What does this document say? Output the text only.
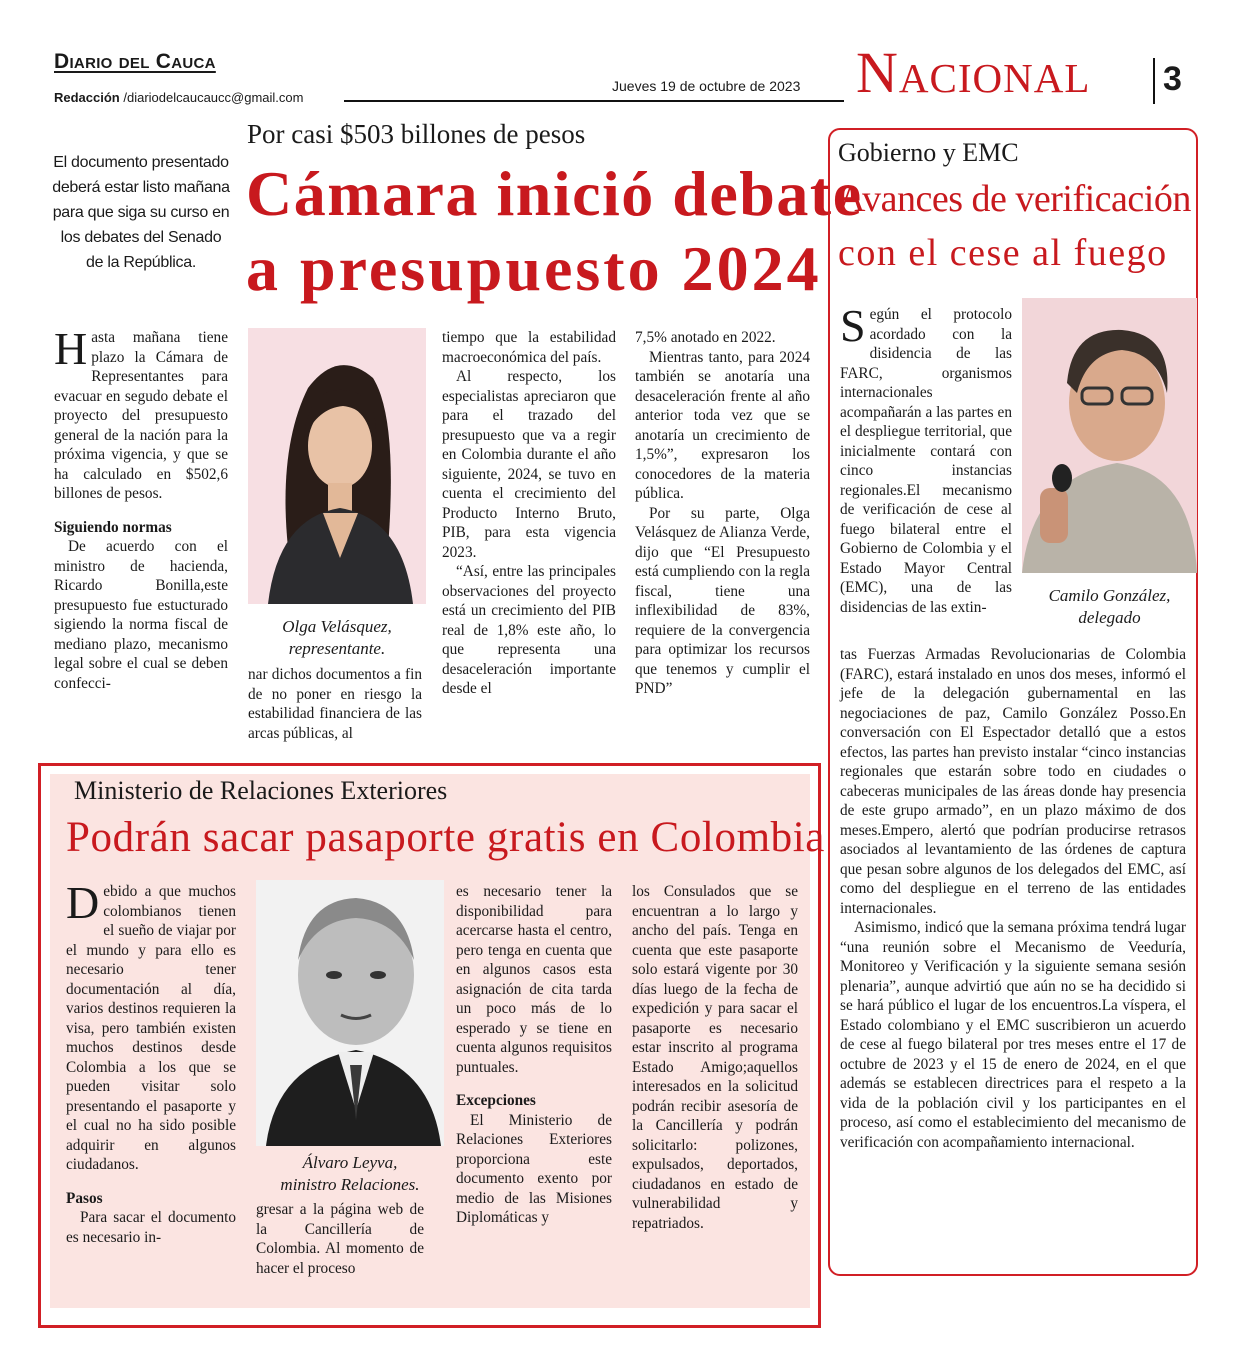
Diario del Cauca
Redacción /diariodelcaucaucc@gmail.com
Jueves 19 de octubre de 2023 Nacional 3
Por casi $503 billones de pesos
Cámara inició debate
a presupuesto 2024
El documento presentado deberá estar listo mañana para que siga su curso en los debates del Senado de la República.

Hasta mañana tiene plazo la Cámara de Representantes para evacuar en segudo debate el proyecto del presupuesto general de la nación para la próxima vigencia, y que se ha calculado en $502,6 billones de pesos.

Siguiendo normas

De acuerdo con el ministro de hacienda, Ricardo Bonilla,este presupuesto fue estucturado sigiendo la norma fiscal de mediano plazo, mecanismo legal sobre el cual se deben confecci-

Olga Velásquez,
representante.

nar dichos documentos a fin de no poner en riesgo la estabilidad financiera de las arcas públicas, al

tiempo que la estabilidad macroeconómica del país.

Al respecto, los especialistas apreciaron que para el trazado del presupuesto que va a regir en Colombia durante el año siguiente, 2024, se tuvo en cuenta el crecimiento del Producto Interno Bruto, PIB, para esta vigencia 2023.

“Así, entre las principales observaciones del proyecto está un crecimiento del PIB real de 1,8% este año, lo que representa una desaceleración importante desde el

7,5% anotado en 2022.

Mientras tanto, para 2024 también se anotaría una desaceleración frente al año anterior toda vez que se anotaría un crecimiento de 1,5%”, expresaron los conocedores de la materia pública.

Por su parte, Olga Velásquez de Alianza Verde, dijo que “El Presupuesto está cumpliendo con la regla fiscal, tiene una inflexibilidad de 83%, requiere de la convergencia para optimizar los recursos que tenemos y cumplir el PND”

Gobierno y EMC
Avances de verificación
con el cese al fuego
Camilo González,
delegado

Según el protocolo acordado con la disidencia de las FARC, organismos internacionales acompañarán a las partes en el despliegue territorial, que inicialmente contará con cinco instancias regionales.El mecanismo de verificación de cese al fuego bilateral entre el Gobierno de Colombia y el Estado Mayor Central (EMC), una de las disidencias de las extin-

tas Fuerzas Armadas Revolucionarias de Colombia (FARC), estará instalado en unos dos meses, informó el jefe de la delegación gubernamental en las negociaciones de paz, Camilo González Posso.En conversación con El Espectador detalló que a estos efectos, las partes han previsto instalar “cinco instancias regionales que estarán sobre todo en ciudades o cabeceras municipales de las áreas donde hay presencia de este grupo armado”, en un plazo máximo de dos meses.Empero, alertó que podrían producirse retrasos asociados al levantamiento de las órdenes de captura que pesan sobre algunos de los delegados del EMC, así como del despliegue en el terreno de las entidades internacionales.

Asimismo, indicó que la semana próxima tendrá lugar “una reunión sobre el Mecanismo de Veeduría, Monitoreo y Verificación y la siguiente semana sesión plenaria”, aunque advirtió que aún no se ha decidido si se hará público el lugar de los encuentros.La víspera, el Estado colombiano y el EMC suscribieron un acuerdo de cese al fuego bilateral por tres meses entre el 17 de octubre de 2023 y el 15 de enero de 2024, en el que además se establecen directrices para el respeto a la vida de la población civil y los participantes en el proceso, así como el establecimiento del mecanismo de verificación con acompañamiento internacional.

Ministerio de Relaciones Exteriores
Podrán sacar pasaporte gratis en Colombia

Debido a que muchos colombianos tienen el sueño de viajar por el mundo y para ello es necesario tener documentación al día, varios destinos requieren la visa, pero también existen muchos destinos desde Colombia a los que se pueden visitar solo presentando el pasaporte y el cual no ha sido posible adquirir en algunos ciudadanos.

Pasos

Para sacar el documento es necesario in-

Álvaro Leyva,
ministro Relaciones.

gresar a la página web de la Cancillería de Colombia. Al momento de hacer el proceso

es necesario tener la disponibilidad para acercarse hasta el centro, pero tenga en cuenta que en algunos casos esta asignación de cita tarda un poco más de lo esperado y se tiene en cuenta algunos requisitos puntuales.

Excepciones

El Ministerio de Relaciones Exteriores proporciona este documento exento por medio de las Misiones Diplomáticas y

los Consulados que se encuentran a lo largo y ancho del país. Tenga en cuenta que este pasaporte solo estará vigente por 30 días luego de la fecha de expedición y para sacar el pasaporte es necesario estar inscrito al programa Estado Amigo;aquellos interesados en la solicitud podrán recibir asesoría de la Cancillería y podrán solicitarlo: polizones, expulsados, deportados, ciudadanos en estado de vulnerabilidad y repatriados.
